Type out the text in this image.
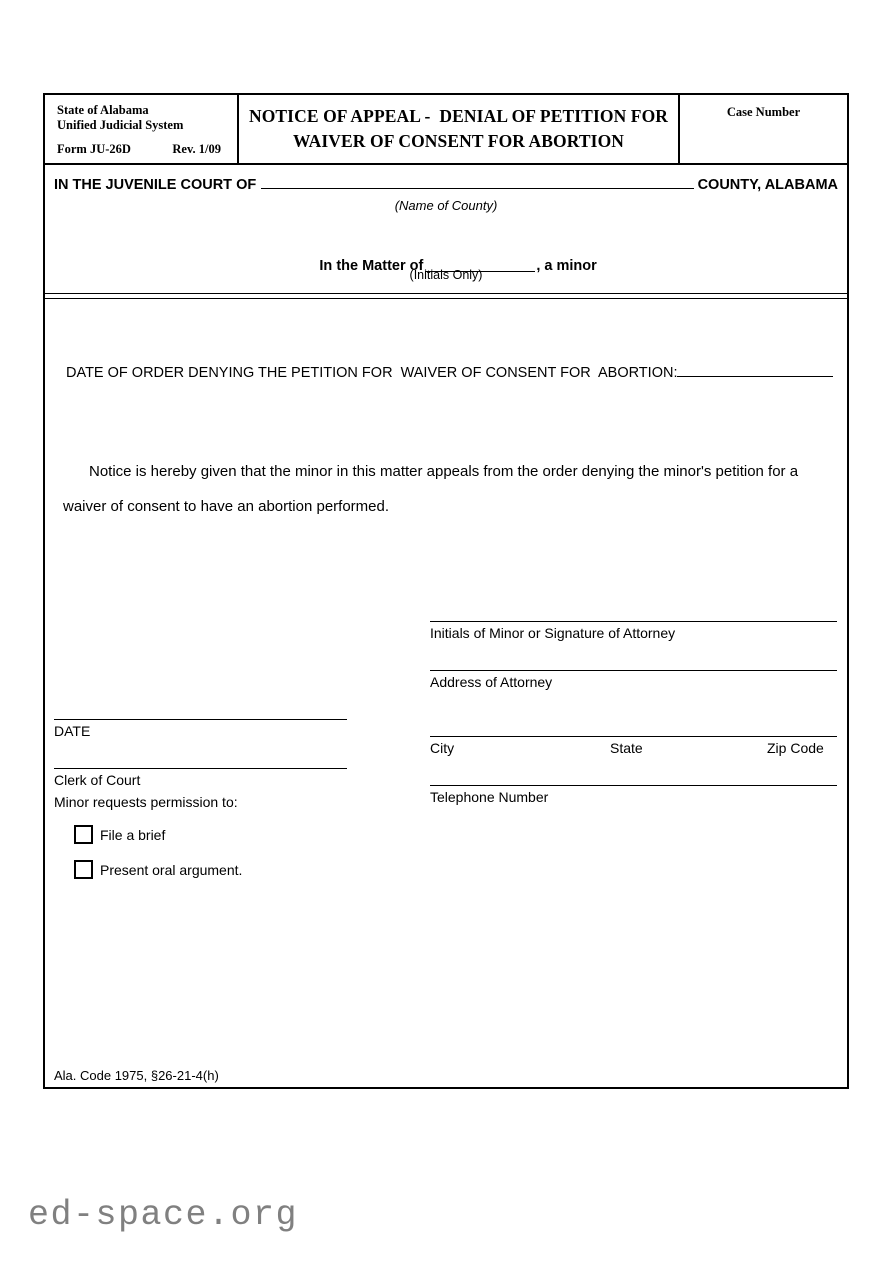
State of Alabama
Unified Judicial System
Form JU-26D	Rev. 1/09
NOTICE OF APPEAL -  DENIAL OF PETITION FOR
WAIVER OF CONSENT FOR ABORTION
Case Number
IN THE JUVENILE COURT OF	COUNTY, ALABAMA
(Name of County)

In the Matter of	, a minor

(Initials Only)
DATE OF ORDER DENYING THE PETITION FOR  WAIVER OF CONSENT FOR  ABORTION:
Notice is hereby given that the minor in this matter appeals from the order denying the minor's petition for a waiver of consent to have an abortion performed.
Initials of Minor or Signature of Attorney
Address of Attorney
City	State	Zip Code
Telephone Number
DATE
Clerk of Court
Minor requests permission to:
File a brief
Present oral argument.
Ala. Code 1975, §26-21-4(h)
ed-space.org
